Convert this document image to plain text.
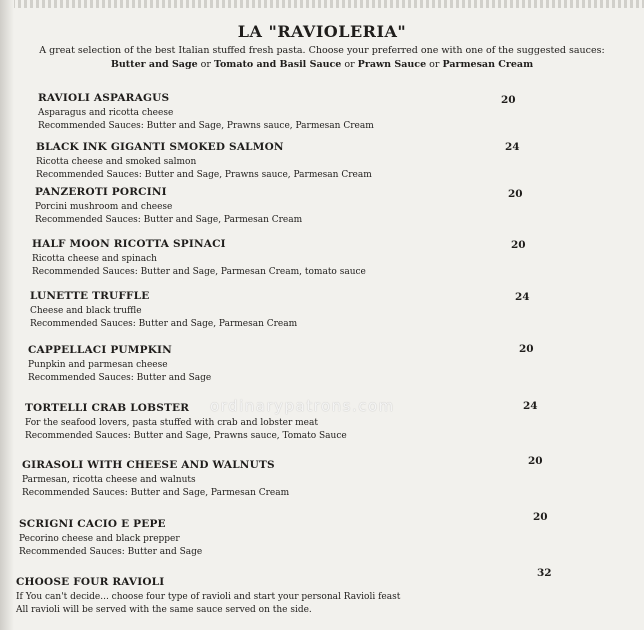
LA "RAVIOLERIA"
A great selection of the best Italian stuffed fresh pasta. Choose your preferred one with one of the suggested sauces:
Butter and Sage or Tomato and Basil Sauce or Prawn Sauce or Parmesan Cream
RAVIOLI ASPARAGUS
Asparagus and ricotta cheese
Recommended Sauces: Butter and Sage, Prawns sauce, Parmesan Cream
20
BLACK INK GIGANTI SMOKED SALMON
Ricotta cheese and smoked salmon
Recommended Sauces: Butter and Sage, Prawns sauce, Parmesan Cream
24
PANZEROTI PORCINI
Porcini mushroom and cheese
Recommended Sauces: Butter and Sage, Parmesan Cream
20
HALF MOON RICOTTA SPINACI
Ricotta cheese and spinach
Recommended Sauces: Butter and Sage, Parmesan Cream, tomato sauce
20
LUNETTE TRUFFLE
Cheese and black truffle
Recommended Sauces: Butter and Sage, Parmesan Cream
24
CAPPELLACI PUMPKIN
Punpkin and parmesan cheese
Recommended Sauces: Butter and Sage
20
TORTELLI CRAB LOBSTER
For the seafood lovers, pasta stuffed with crab and lobster meat
Recommended Sauces: Butter and Sage, Prawns sauce, Tomato Sauce
24
GIRASOLI WITH CHEESE AND WALNUTS
Parmesan, ricotta cheese and walnuts
Recommended Sauces: Butter and Sage, Parmesan Cream
20
SCRIGNI CACIO E PEPE
Pecorino cheese and black prepper
Recommended Sauces: Butter and Sage
20
CHOOSE FOUR RAVIOLI
If You can't decide... choose four type of ravioli and start your personal Ravioli feast
All ravioli will be served with the same sauce served on the side.
32
ordinarypatrons.com
